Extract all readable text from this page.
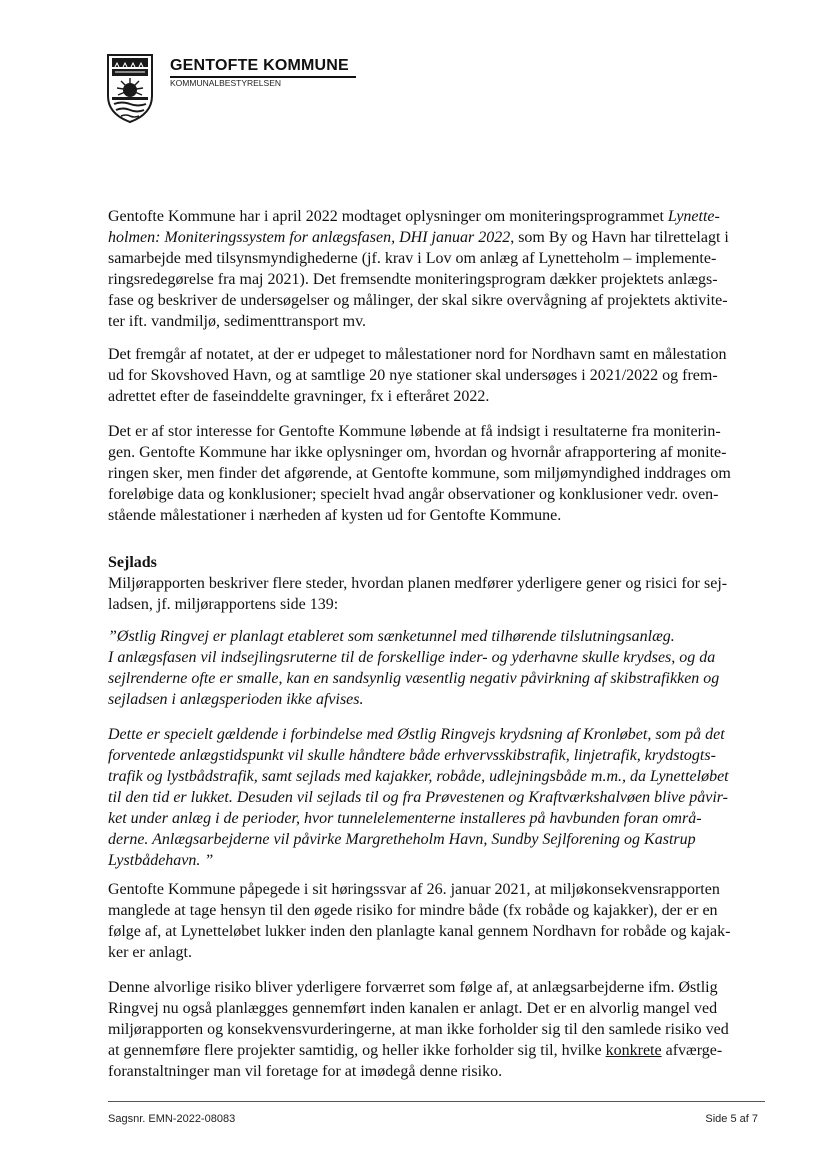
GENTOFTE KOMMUNE
KOMMUNALBESTYRELSEN

Gentofte Kommune har i april 2022 modtaget oplysninger om moniteringsprogrammet Lynette-

holmen: Moniteringssystem for anlægsfasen, DHI januar 2022, som By og Havn har tilrettelagt i

samarbejde med tilsynsmyndighederne (jf. krav i Lov om anlæg af Lynetteholm – implemente-

ringsredegørelse fra maj 2021). Det fremsendte moniteringsprogram dækker projektets anlægs-

fase og beskriver de undersøgelser og målinger, der skal sikre overvågning af projektets aktivite-

ter ift. vandmiljø, sedimenttransport mv.

Det fremgår af notatet, at der er udpeget to målestationer nord for Nordhavn samt en målestation

ud for Skovshoved Havn, og at samtlige 20 nye stationer skal undersøges i 2021/2022 og frem-

adrettet efter de faseinddelte gravninger, fx i efteråret 2022.

Det er af stor interesse for Gentofte Kommune løbende at få indsigt i resultaterne fra moniterin-

gen. Gentofte Kommune har ikke oplysninger om, hvordan og hvornår afrapportering af monite-

ringen sker, men finder det afgørende, at Gentofte kommune, som miljømyndighed inddrages om

foreløbige data og konklusioner; specielt hvad angår observationer og konklusioner vedr. oven-

stående målestationer i nærheden af kysten ud for Gentofte Kommune.

Sejlads

Miljørapporten beskriver flere steder, hvordan planen medfører yderligere gener og risici for sej-

ladsen, jf. miljørapportens side 139:

”Østlig Ringvej er planlagt etableret som sænketunnel med tilhørende tilslutningsanlæg.

I anlægsfasen vil indsejlingsruterne til de forskellige inder- og yderhavne skulle krydses, og da

sejlrenderne ofte er smalle, kan en sandsynlig væsentlig negativ påvirkning af skibstrafikken og

sejladsen i anlægsperioden ikke afvises.

Dette er specielt gældende i forbindelse med Østlig Ringvejs krydsning af Kronløbet, som på det

forventede anlægstidspunkt vil skulle håndtere både erhvervsskibstrafik, linjetrafik, krydstogts-

trafik og lystbådstrafik, samt sejlads med kajakker, robåde, udlejningsbåde m.m., da Lynetteløbet

til den tid er lukket. Desuden vil sejlads til og fra Prøvestenen og Kraftværkshalvøen blive påvir-

ket under anlæg i de perioder, hvor tunnelelementerne installeres på havbunden foran områ-

derne. Anlægsarbejderne vil påvirke Margretheholm Havn, Sundby Sejlforening og Kastrup

Lystbådehavn. ”

Gentofte Kommune påpegede i sit høringssvar af 26. januar 2021, at miljøkonsekvensrapporten

manglede at tage hensyn til den øgede risiko for mindre både (fx robåde og kajakker), der er en

følge af, at Lynetteløbet lukker inden den planlagte kanal gennem Nordhavn for robåde og kajak-

ker er anlagt.

Denne alvorlige risiko bliver yderligere forværret som følge af, at anlægsarbejderne ifm. Østlig

Ringvej nu også planlægges gennemført inden kanalen er anlagt. Det er en alvorlig mangel ved

miljørapporten og konsekvensvurderingerne, at man ikke forholder sig til den samlede risiko ved

at gennemføre flere projekter samtidig, og heller ikke forholder sig til, hvilke konkrete afværge-

foranstaltninger man vil foretage for at imødegå denne risiko.

Sagsnr. EMN-2022-08083	Side 5 af 7
